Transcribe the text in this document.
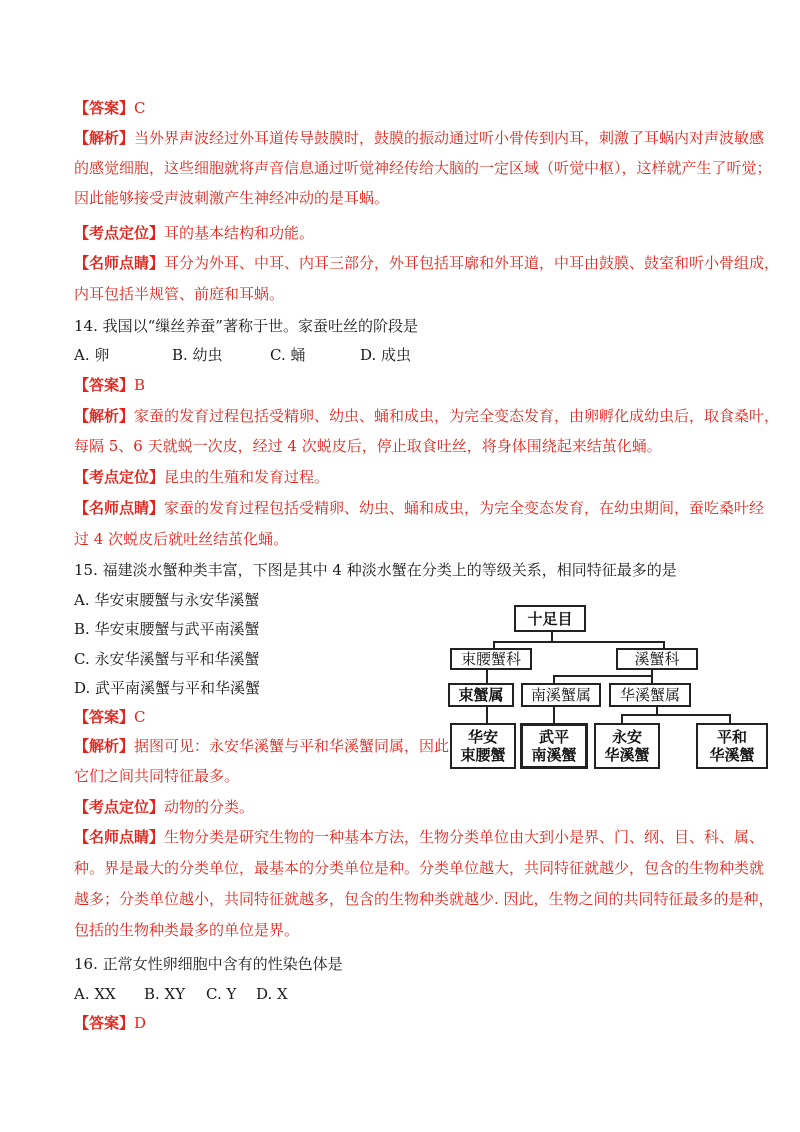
【答案】C
【解析】当外界声波经过外耳道传导鼓膜时，鼓膜的振动通过听小骨传到内耳，刺激了耳蜗内对声波敏感
的感觉细胞，这些细胞就将声音信息通过听觉神经传给大脑的一定区域（听觉中枢），这样就产生了听觉；
因此能够接受声波刺激产生神经冲动的是耳蜗。
【考点定位】耳的基本结构和功能。
【名师点睛】耳分为外耳、中耳、内耳三部分，外耳包括耳廓和外耳道，中耳由鼓膜、鼓室和听小骨组成，
内耳包括半规管、前庭和耳蜗。
14. 我国以“缫丝养蚕”著称于世。家蚕吐丝的阶段是
A. 卵	B. 幼虫	C. 蛹	D. 成虫
【答案】B
【解析】家蚕的发育过程包括受精卵、幼虫、蛹和成虫，为完全变态发育，由卵孵化成幼虫后，取食桑叶，
每隔 5、6 天就蜕一次皮，经过 4 次蜕皮后，停止取食吐丝，将身体围绕起来结茧化蛹。
【考点定位】昆虫的生殖和发育过程。
【名师点睛】家蚕的发育过程包括受精卵、幼虫、蛹和成虫，为完全变态发育，在幼虫期间，蚕吃桑叶经
过 4 次蜕皮后就吐丝结茧化蛹。
15. 福建淡水蟹种类丰富，下图是其中 4 种淡水蟹在分类上的等级关系，相同特征最多的是
A. 华安束腰蟹与永安华溪蟹
B. 华安束腰蟹与武平南溪蟹
C. 永安华溪蟹与平和华溪蟹
D. 武平南溪蟹与平和华溪蟹
【答案】C
【解析】据图可见：永安华溪蟹与平和华溪蟹同属，因此
它们之间共同特征最多。
【考点定位】动物的分类。
【名师点睛】生物分类是研究生物的一种基本方法，生物分类单位由大到小是界、门、纲、目、科、属、
种。界是最大的分类单位，最基本的分类单位是种。分类单位越大，共同特征就越少，包含的生物种类就
越多；分类单位越小，共同特征就越多，包含的生物种类就越少. 因此，生物之间的共同特征最多的是种，
包括的生物种类最多的单位是界。
十足目
束腰蟹科	溪蟹科
束蟹属	南溪蟹属	华溪蟹属
华安
束腰蟹
武平
南溪蟹
永安
华溪蟹
平和
华溪蟹
16. 正常女性卵细胞中含有的性染色体是
A. XX B. XY C. Y D. X
【答案】D
